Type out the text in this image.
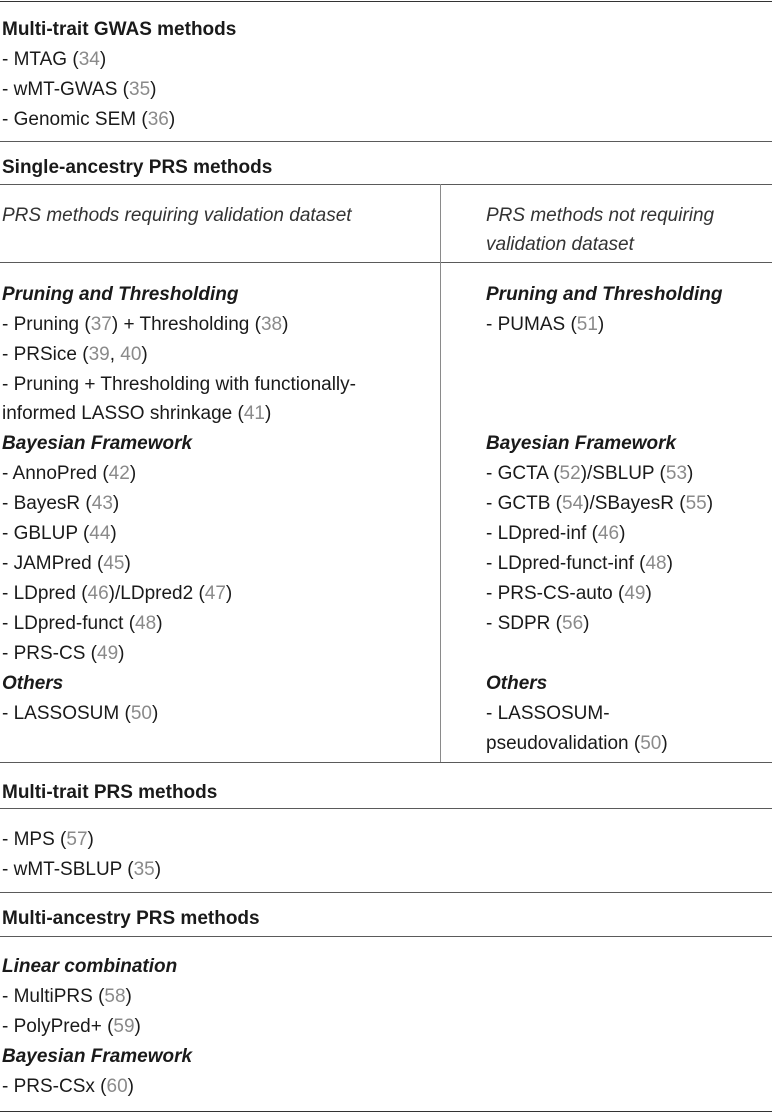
Multi-trait GWAS methods
- MTAG (34)
- wMT-GWAS (35)
- Genomic SEM (36)
Single-ancestry PRS methods
PRS methods requiring validation dataset	PRS methods not requiring
validation dataset
Pruning and Thresholding
- Pruning (37) + Thresholding (38)
- PRSice (39, 40)
- Pruning + Thresholding with functionally-
informed LASSO shrinkage (41)
Bayesian Framework
- AnnoPred (42)
- BayesR (43)
- GBLUP (44)
- JAMPred (45)
- LDpred (46)/LDpred2 (47)
- LDpred-funct (48)
- PRS-CS (49)
Others
- LASSOSUM (50)
Pruning and Thresholding
- PUMAS (51)
Bayesian Framework
- GCTA (52)/SBLUP (53)
- GCTB (54)/SBayesR (55)
- LDpred-inf (46)
- LDpred-funct-inf (48)
- PRS-CS-auto (49)
- SDPR (56)
Others
- LASSOSUM-
pseudovalidation (50)
Multi-trait PRS methods
- MPS (57)
- wMT-SBLUP (35)
Multi-ancestry PRS methods
Linear combination
- MultiPRS (58)
- PolyPred+ (59)
Bayesian Framework
- PRS-CSx (60)
